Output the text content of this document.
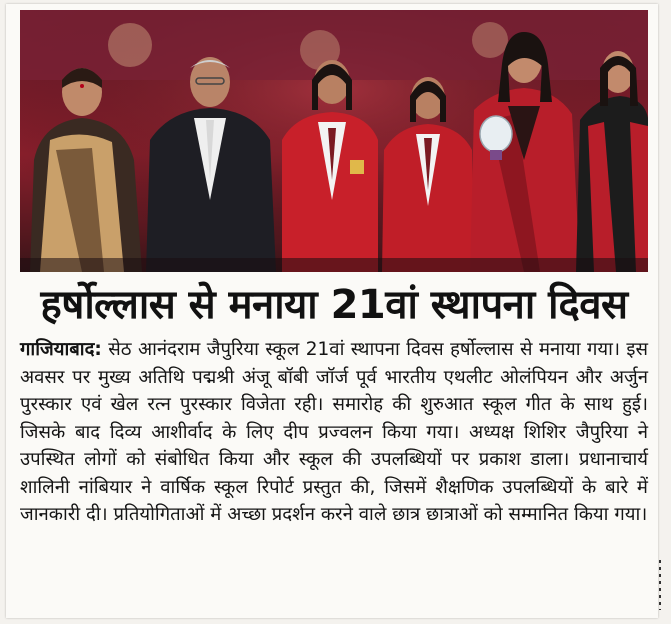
हर्षोल्लास से मनाया 21वां स्थापना दिवस
गाजियाबाद: सेठ आनंदराम जैपुरिया स्कूल 21वां स्थापना दिवस हर्षोल्लास से मनाया गया। इस अवसर पर मुख्य अतिथि पद्मश्री अंजू बॉबी जॉर्ज पूर्व भारतीय एथलीट ओलंपियन और अर्जुन पुरस्कार एवं खेल रत्न पुरस्कार विजेता रही। समारोह की शुरुआत स्कूल गीत के साथ हुई। जिसके बाद दिव्य आशीर्वाद के लिए दीप प्रज्वलन किया गया। अध्यक्ष शिशिर जैपुरिया ने उपस्थित लोगों को संबोधित किया और स्कूल की उपलब्धियों पर प्रकाश डाला। प्रधानाचार्य शालिनी नांबियार ने वार्षिक स्कूल रिपोर्ट प्रस्तुत की, जिसमें शैक्षणिक उपलब्धियों के बारे में जानकारी दी। प्रतियोगिताओं में अच्छा प्रदर्शन करने वाले छात्र छात्राओं को सम्मानित किया गया।
